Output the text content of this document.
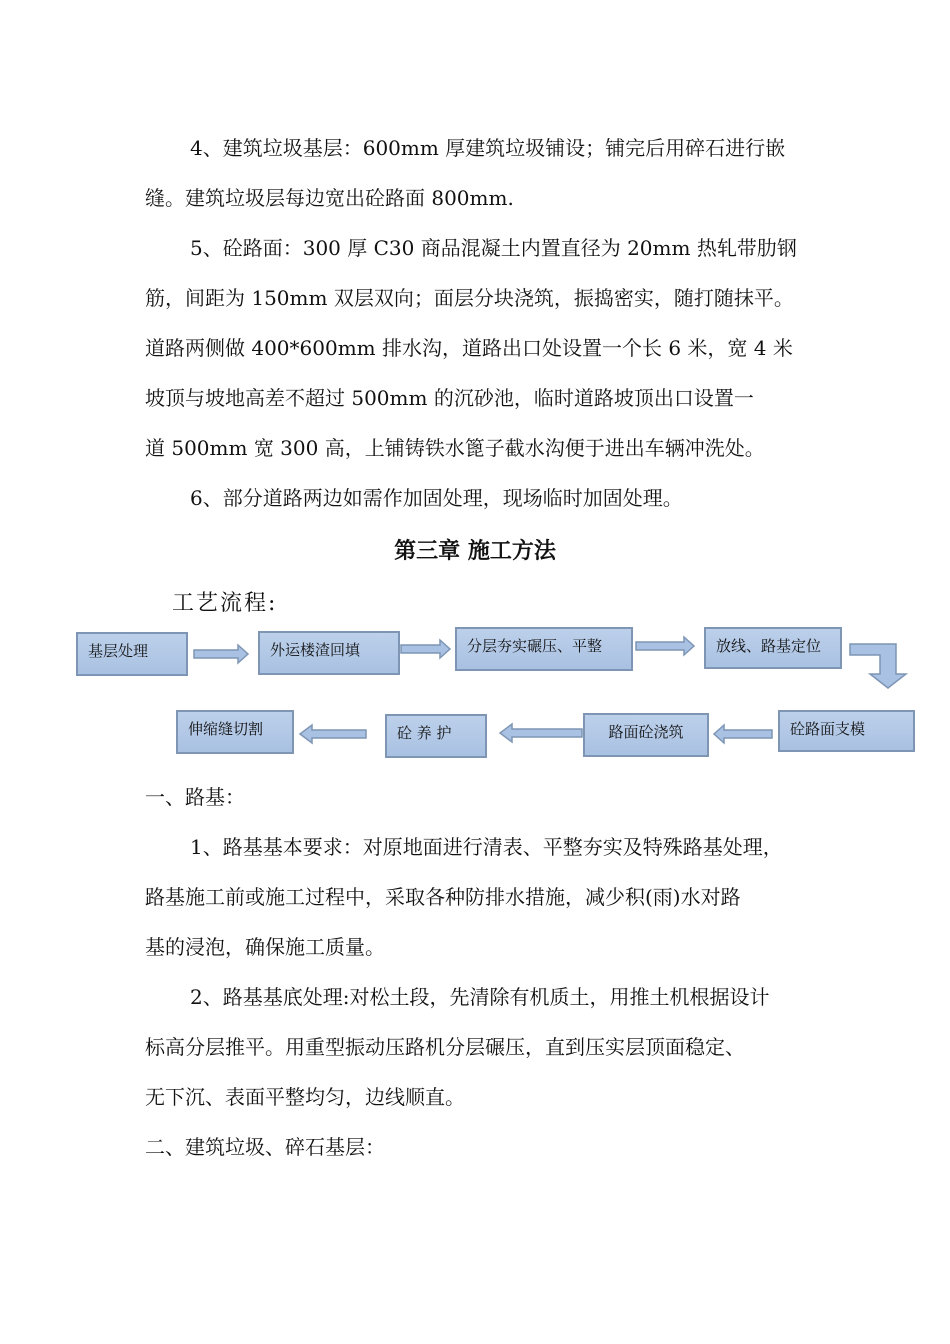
4、建筑垃圾基层：600mm 厚建筑垃圾铺设；铺完后用碎石进行嵌
缝。建筑垃圾层每边宽出砼路面 800mm.
5、砼路面：300 厚 C30 商品混凝土内置直径为 20mm 热轧带肋钢
筋，间距为 150mm 双层双向；面层分块浇筑，振捣密实，随打随抹平。
道路两侧做 400*600mm 排水沟，道路出口处设置一个长 6 米，宽 4 米
坡顶与坡地高差不超过 500mm 的沉砂池，临时道路坡顶出口设置一
道 500mm 宽 300 高，上铺铸铁水篦子截水沟便于进出车辆冲洗处。
6、部分道路两边如需作加固处理，现场临时加固处理。
第三章 施工方法
工艺流程:
基层处理	外运楼渣回填	分层夯实碾压、平整	放线、路基定位
砼路面支模
路面砼浇筑
砼 养 护
伸缩缝切割
一、路基：
1、路基基本要求：对原地面进行清表、平整夯实及特殊路基处理，
路基施工前或施工过程中，采取各种防排水措施，减少积(雨)水对路
基的浸泡，确保施工质量。
2、路基基底处理:对松土段，先清除有机质土，用推土机根据设计
标高分层推平。用重型振动压路机分层碾压，直到压实层顶面稳定、
无下沉、表面平整均匀，边线顺直。
二、建筑垃圾、碎石基层：
